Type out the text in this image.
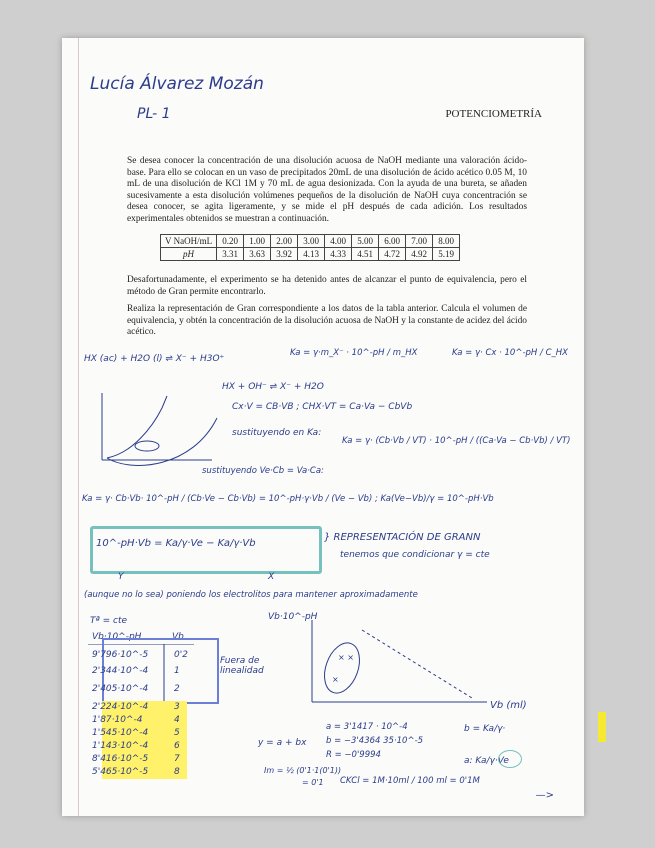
Lucía Álvarez Mozán
PL- 1	POTENCIOMETRÍA
Se desea conocer la concentración de una disolución acuosa de NaOH mediante una valoración ácido-base. Para ello se colocan en un vaso de precipitados 20mL de una disolución de ácido acético 0.05 M, 10 mL de una disolución de KCl 1M y 70 mL de agua desionizada. Con la ayuda de una bureta, se añaden sucesivamente a esta disolución volúmenes pequeños de la disolución de NaOH cuya concentración se desea conocer, se agita ligeramente, y se mide el pH después de cada adición. Los resultados experimentales obtenidos se muestran a continuación.
V NaOH/mL	0.20	1.00	2.00	3.00	4.00	5.00	6.00	7.00	8.00
pH	3.31	3.63	3.92	4.13	4.33	4.51	4.72	4.92	5.19
Desafortunadamente, el experimento se ha detenido antes de alcanzar el punto de equivalencia, pero el método de Gran permite encontrarlo.
Realiza la representación de Gran correspondiente a los datos de la tabla anterior. Calcula el volumen de equivalencia, y obtén la concentración de la disolución acuosa de NaOH y la constante de acidez del ácido acético.
HX (ac) + H2O (l) ⇌ X⁻ + H3O⁺
Ka = γ·m_X⁻ · 10^-pH / m_HX	Ka = γ· Cx · 10^-pH / C_HX
HX + OH⁻ ⇌ X⁻ + H2O
Cx·V = CB·VB ; CHX·VT = Ca·Va − CbVb
sustituyendo en Ka:
Ka = γ· (Cb·Vb / VT) · 10^-pH / ((Ca·Va − Cb·Vb) / VT)
sustituyendo Ve·Cb = Va·Ca:
Ka = γ· Cb·Vb· 10^-pH / (Cb·Ve − Cb·Vb) = 10^-pH·γ·Vb / (Ve − Vb) ; Ka(Ve−Vb)/γ = 10^-pH·Vb
10^-pH·Vb = Ka/γ·Ve − Ka/γ·Vb
} REPRESENTACIÓN DE GRANN
tenemos que condicionar γ = cte
Y	X
(aunque no lo sea) poniendo los electrolitos para mantener aproximadamente
Tª = cte
Vb·10^-pH	Vb
9'796·10^-5	0'2
2'344·10^-4	1
2'405·10^-4	2
2'224·10^-4	3
1'87·10^-4	4
1'545·10^-4	5
1'143·10^-4	6
8'416·10^-5	7
5'465·10^-5	8
Fuera de linealidad
Vb·10^-pH
× ×
×
Vb (ml)
y = a + bx
a = 3'1417 · 10^-4
b = −3'4364 35·10^-5
R = −0'9994
b = Ka/γ·
a: Ka/γ·Ve
Im = ½ (0'1·1(0'1))
= 0'1 CKCl = 1M·10ml / 100 ml = 0'1M
—>
